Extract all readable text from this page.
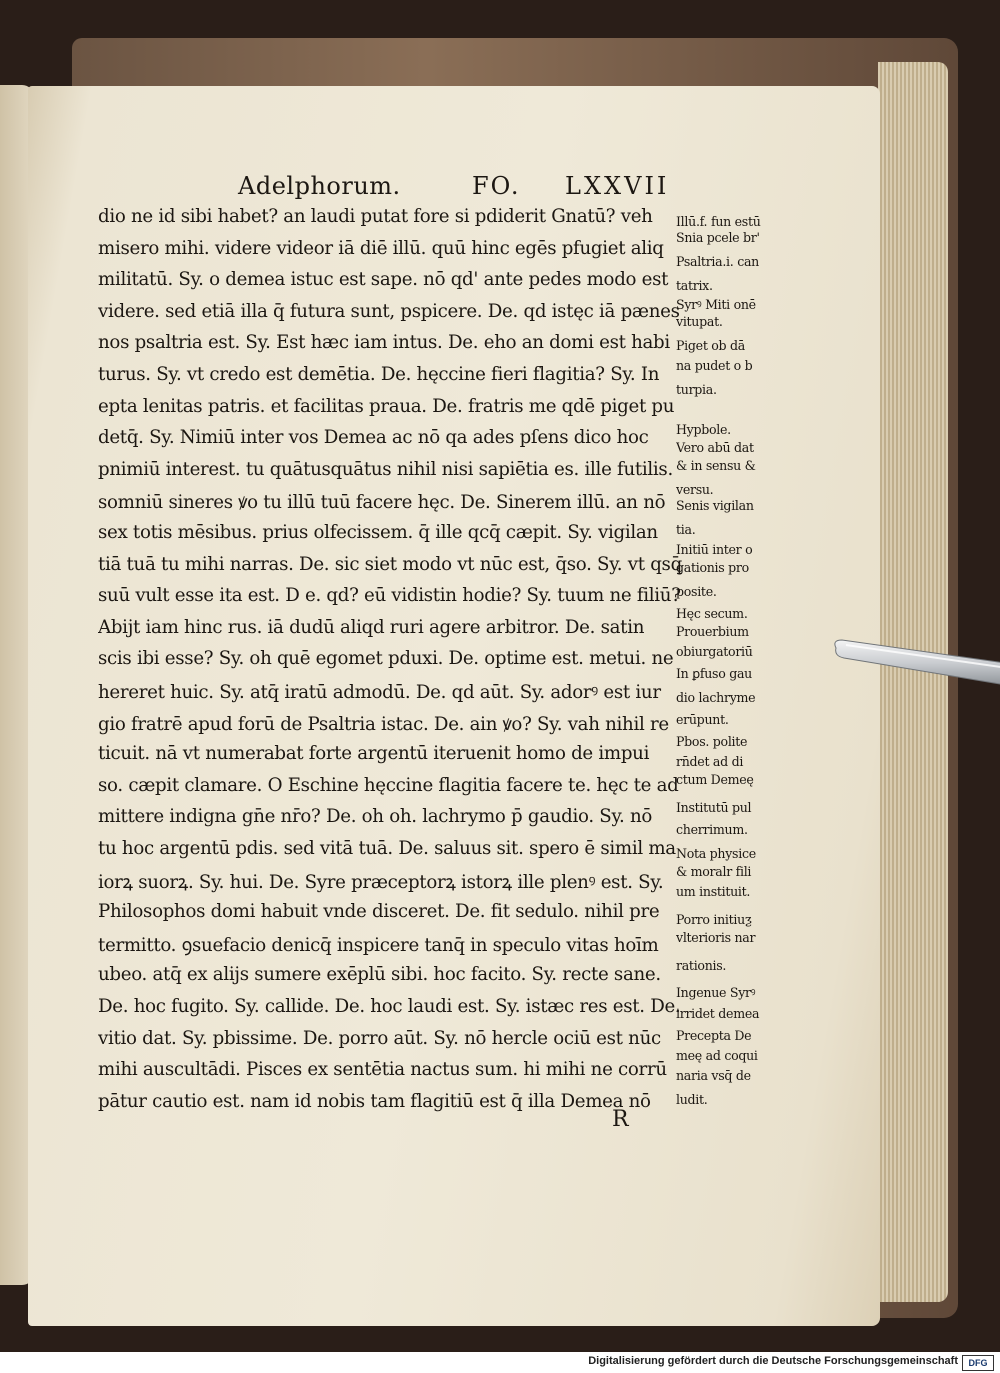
Adelphorum.	FO. LXXVII
dio ne id sibi habet? an laudi putat fore si pdiderit Gnatū? veh
misero mihi. videre videor iā diē illū. quū hinc egēs pfugiet aliq
militatū. Sy. o demea istuc est sape. nō qd' ante pedes modo est
videre. sed etiā illa q̄ futura sunt, pspicere. De. qd istęc iā pænes
nos psaltria est. Sy. Est hæc iam intus. De. eho an domi est habi
turus. Sy. vt credo est demētia. De. hęccine fieri flagitia? Sy. In
epta lenitas patris. et facilitas praua. De. fratris me qdē piget pu
detq̄. Sy. Nimiū inter vos Demea ac nō qa ades pſens dico hoc
pnimiū interest. tu quātusquātus nihil nisi sapiētia es. ille futilis.
somniū sineres ꝟo tu illū tuū facere hęc. De. Sinerem illū. an nō
sex totis mēsibus. prius olfecissem. q̄ ille qcq̄ cæpit. Sy. vigilan
tiā tuā tu mihi narras. De. sic siet modo vt nūc est, q̄so. Sy. vt qsq̄
suū vult esse ita est. D e. qd? eū vidistin hodie? Sy. tuum ne filiū?
Abijt iam hinc rus. iā dudū aliqd ruri agere arbitror. De. satin
scis ibi esse? Sy. oh quē egomet pduxi. De. optime est. metui. ne
hereret huic. Sy. atq̄ iratū admodū. De. qd aūt. Sy. adorꝰ est iur
gio fratrē apud forū de Psaltria istac. De. ain ꝟo? Sy. vah nihil re
ticuit. nā vt numerabat forte argentū iteruenit homo de impui
so. cæpit clamare. O Eschine hęccine flagitia facere te. hęc te ad
mittere indigna gn̄e nr̄o? De. oh oh. lachrymo p̄ gaudio. Sy. nō
tu hoc argentū pdis. sed vitā tuā. De. saluus sit. spero ē simil ma
iorꝝ suorꝝ. Sy. hui. De. Syre præceptorꝝ istorꝝ ille plenꝰ est. Sy.
Philosophos domi habuit vnde disceret. De. fit sedulo. nihil pre
termitto. ꝯsuefacio denicq̄ inspicere tanq̄ in speculo vitas hoīm
ubeo. atq̄ ex alijs sumere exēplū sibi. hoc facito. Sy. recte sane.
De. hoc fugito. Sy. callide. De. hoc laudi est. Sy. istæc res est. De.
vitio dat. Sy. pbissime. De. porro aūt. Sy. nō hercle ociū est nūc
mihi auscultādi. Pisces ex sentētia nactus sum. hi mihi ne corrū
pātur cautio est. nam id nobis tam flagitiū est q̄ illa Demea nō
Illū.f. fun estū
Snia pcele br'
Psaltria.i. can
tatrix.
Syrꝰ Miti onē
vitupat.
Piget ob dā
na pudet o b
turpia.
Hypbole.
Vero abū dat
& in sensu &
versu.
Senis vigilan
tia.
Initiū inter o
gationis pro
posite.
Hęc secum.
Prouerbium
obiurgatoriū
In ꝑfuso gau
dio lachryme
erūpunt.
Pbos. polite
rn̄det ad di
ctum Demeę
Institutū pul
cherrimum.
Nota physice
& moralr fili
um instituit.
Porro initiuƺ
vlterioris nar
rationis.
Ingenue Syrꝰ
irridet demea
Precepta De
meę ad coqui
naria vsq̄ de
ludit.
R
Digitalisierung gefördert durch die Deutsche Forschungsgemeinschaft	DFG
